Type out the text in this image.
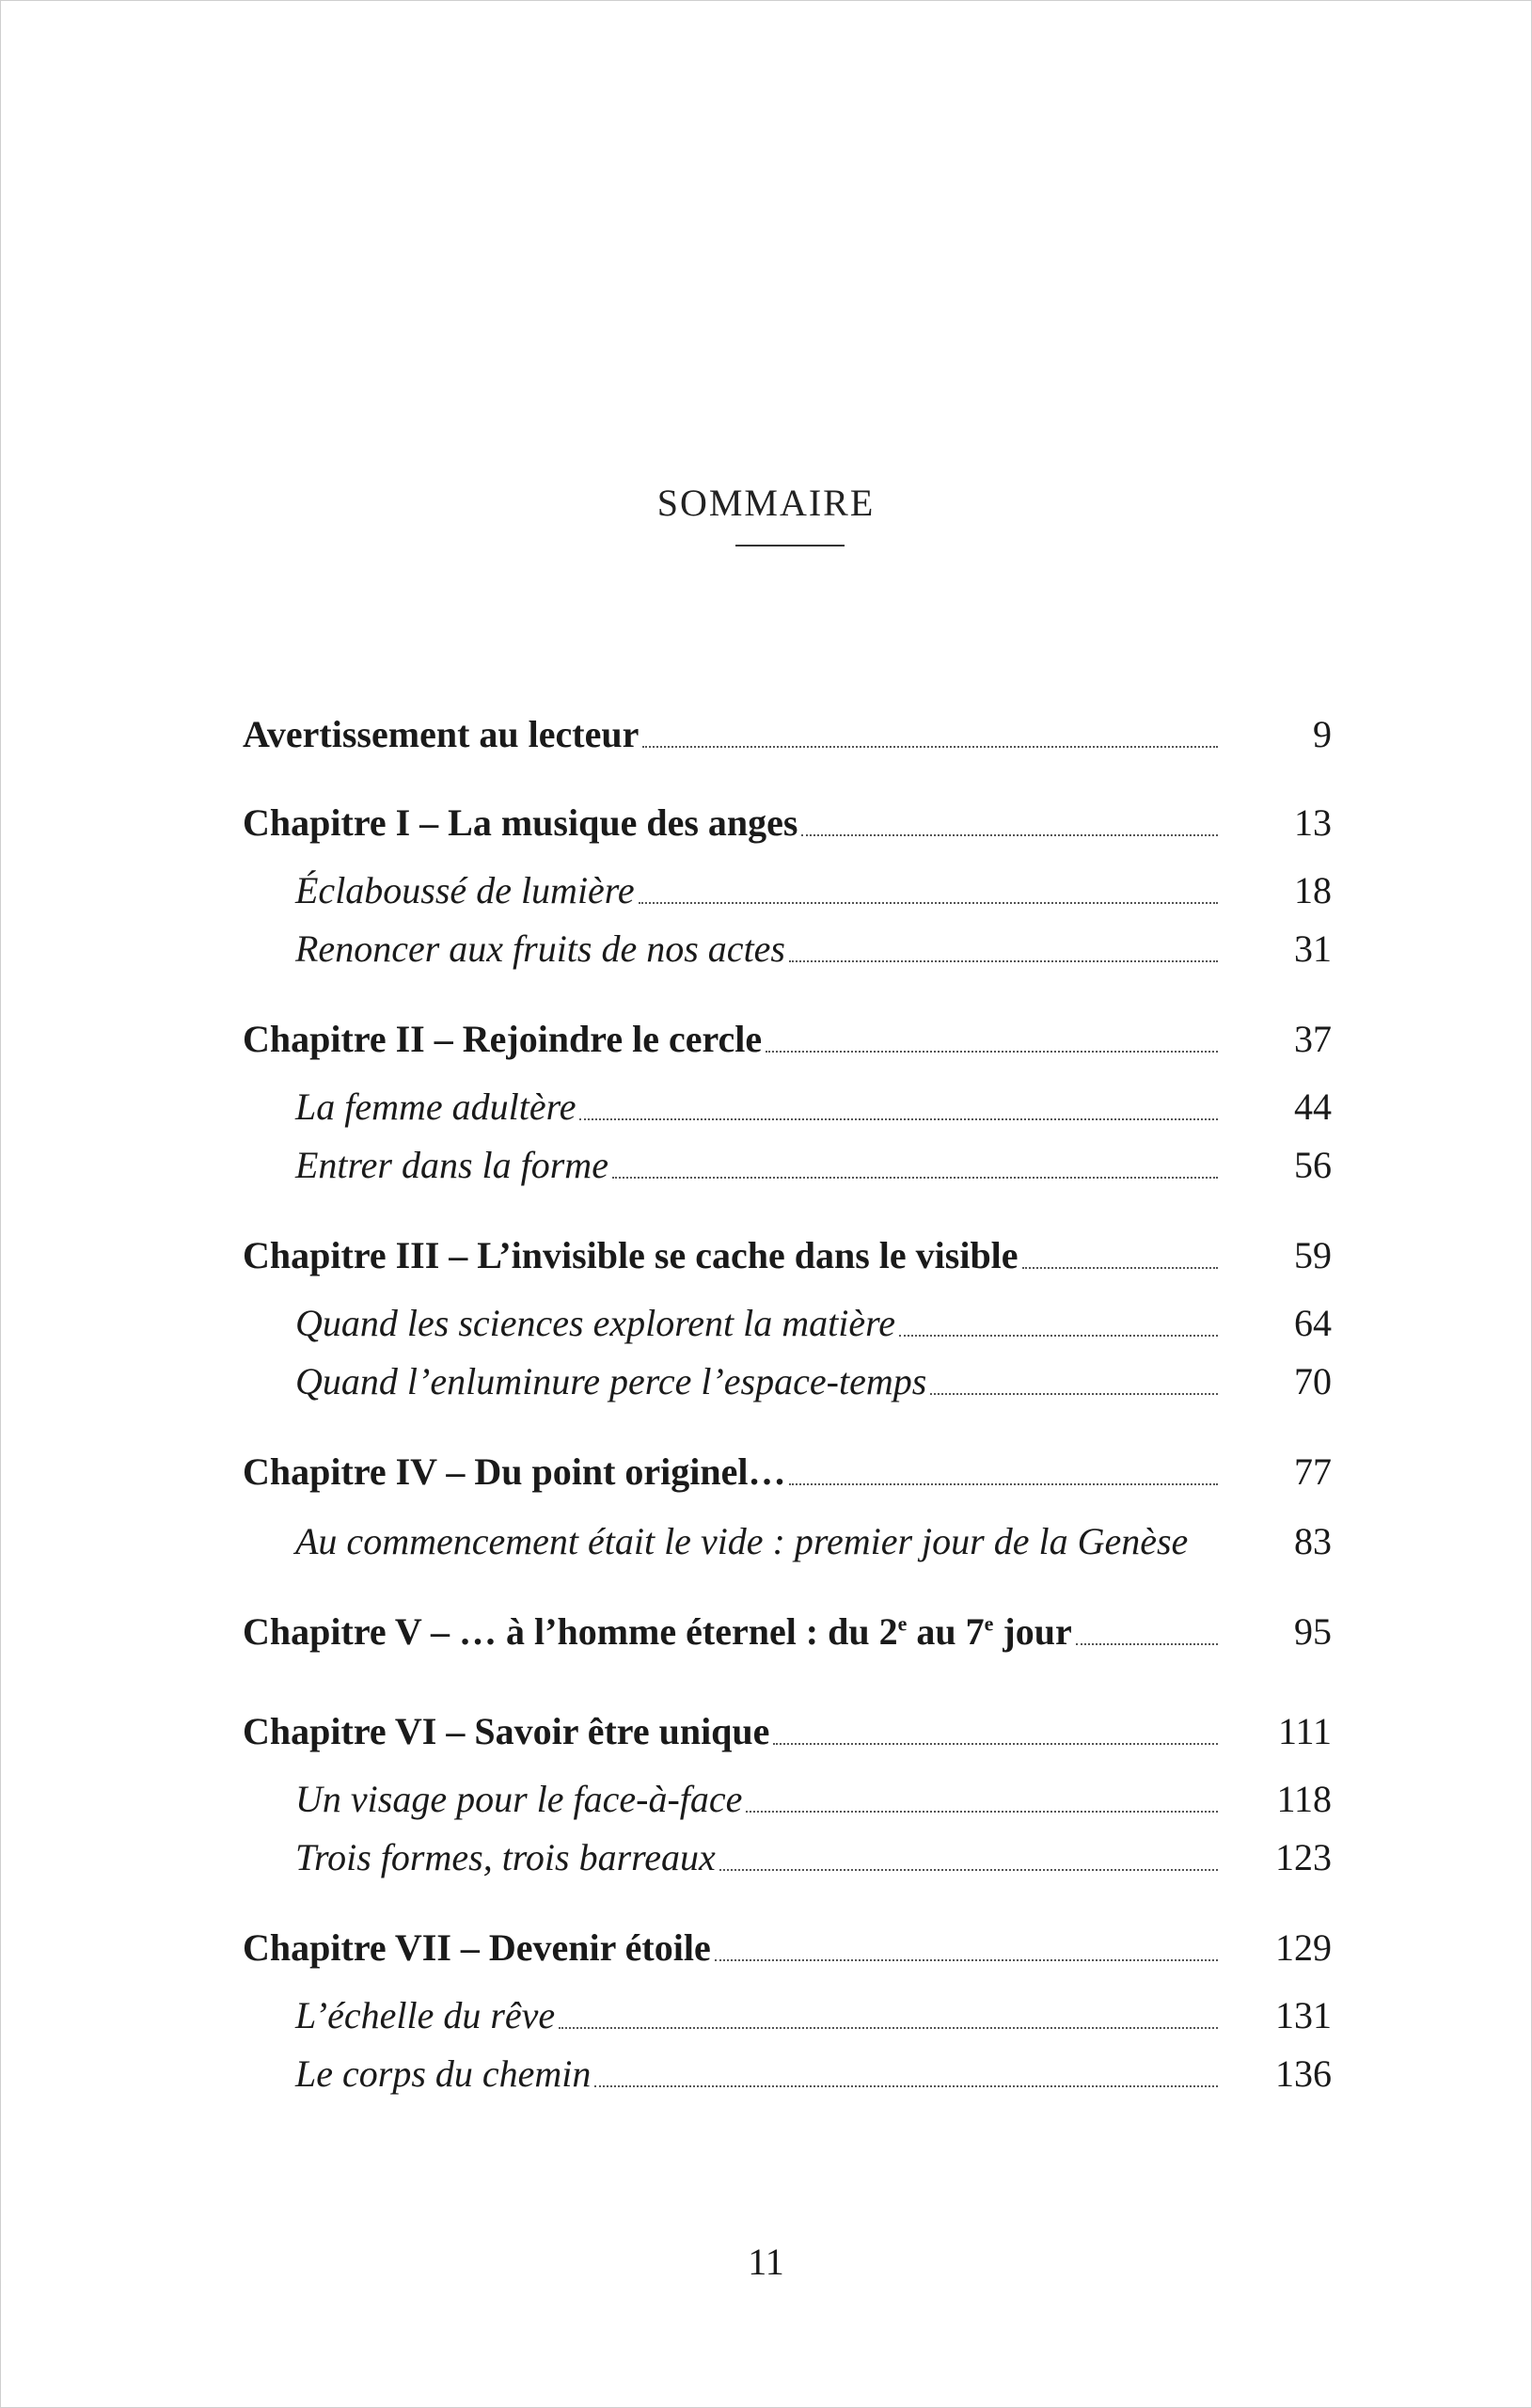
SOMMAIRE
Avertissement au lecteur	9
Chapitre I – La musique des anges	13
Éclaboussé de lumière	18
Renoncer aux fruits de nos actes	31
Chapitre II – Rejoindre le cercle	37
La femme adultère	44
Entrer dans la forme	56
Chapitre III – L’invisible se cache dans le visible	59
Quand les sciences explorent la matière	64
Quand l’enluminure perce l’espace-temps	70
Chapitre IV – Du point originel…	77
Au commencement était le vide : premier jour de la Genèse	83
Chapitre V – … à l’homme éternel : du 2e au 7e jour	95
Chapitre VI – Savoir être unique	111
Un visage pour le face-à-face	118
Trois formes, trois barreaux	123
Chapitre VII – Devenir étoile	129
L’échelle du rêve	131
Le corps du chemin	136
11
